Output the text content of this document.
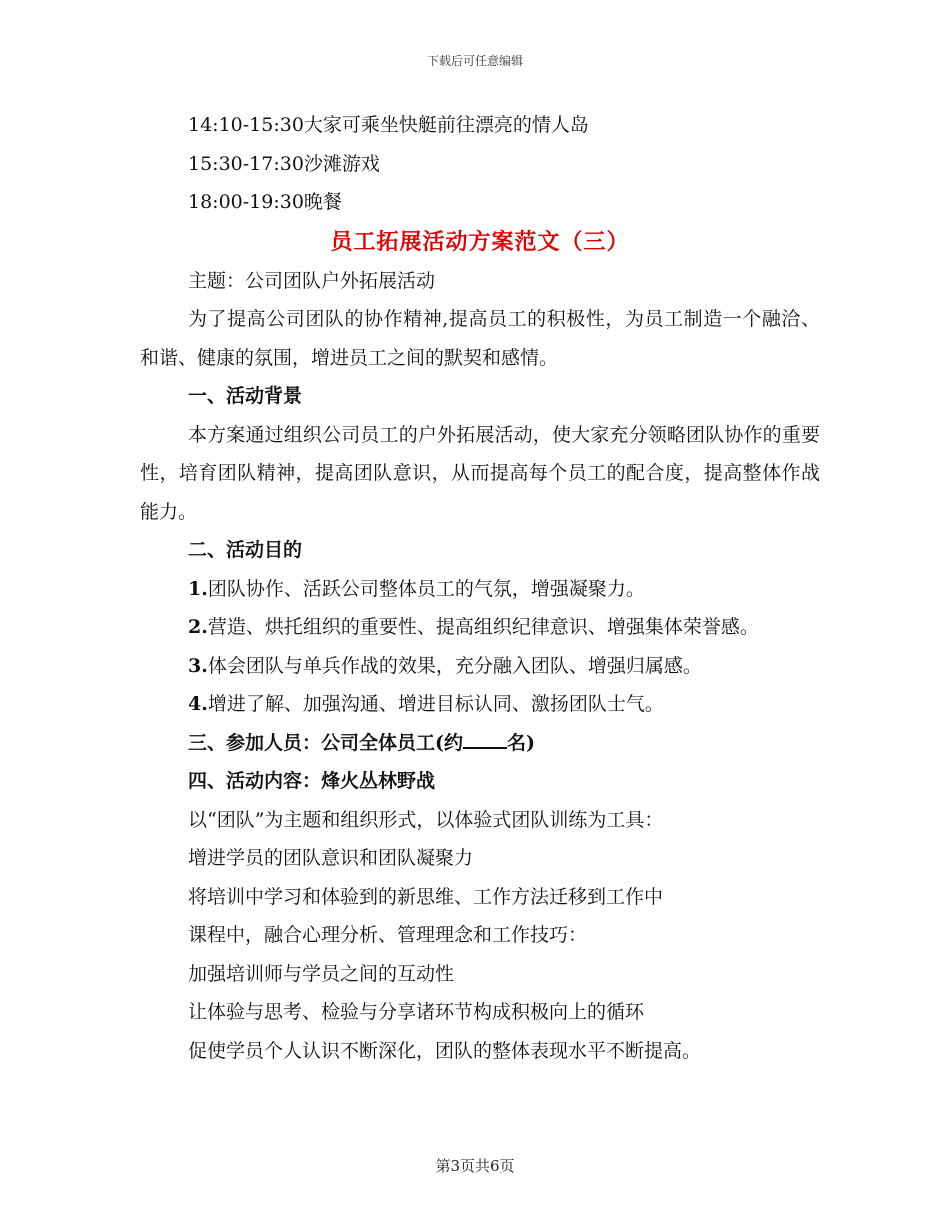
下载后可任意编辑
14:10-15:30大家可乘坐快艇前往漂亮的情人岛
15:30-17:30沙滩游戏
18:00-19:30晚餐
员工拓展活动方案范文（三）
主题：公司团队户外拓展活动
为了提高公司团队的协作精神,提高员工的积极性，为员工制造一个融洽、和谐、健康的氛围，增进员工之间的默契和感情。
一、活动背景
本方案通过组织公司员工的户外拓展活动，使大家充分领略团队协作的重要性，培育团队精神，提高团队意识，从而提高每个员工的配合度，提高整体作战能力。
二、活动目的
1.团队协作、活跃公司整体员工的气氛，增强凝聚力。
2.营造、烘托组织的重要性、提高组织纪律意识、增强集体荣誉感。
3.体会团队与单兵作战的效果，充分融入团队、增强归属感。
4.增进了解、加强沟通、增进目标认同、激扬团队士气。
三、参加人员：公司全体员工(约 名)
四、活动内容：烽火丛林野战
以“团队”为主题和组织形式，以体验式团队训练为工具：
增进学员的团队意识和团队凝聚力
将培训中学习和体验到的新思维、工作方法迁移到工作中
课程中，融合心理分析、管理理念和工作技巧：
加强培训师与学员之间的互动性
让体验与思考、检验与分享诸环节构成积极向上的循环
促使学员个人认识不断深化，团队的整体表现水平不断提高。
第3页共6页
